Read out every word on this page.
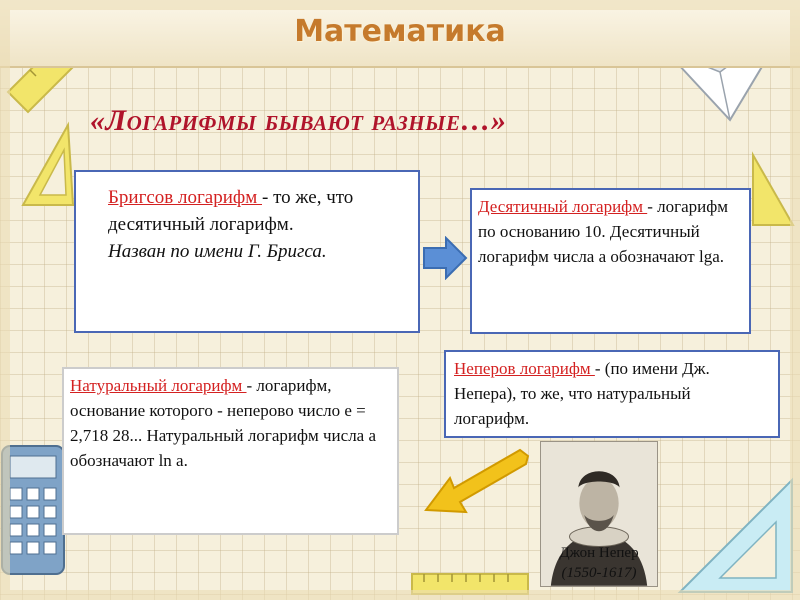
Математика
«Логарифмы бывают разные…»
Бригсов логарифм - то же, что десятичный логарифм.
Назван по имени Г. Бригса.
Десятичный логарифм - логарифм по основанию 10. Десятичный логарифм числа а обозначают lgа.
Неперов логарифм - (по имени Дж. Непера), то же, что натуральный логарифм.
Натуральный логарифм - логарифм, основание которого - неперово число е = 2,718 28... Натуральный логарифм числа а обозначают ln а.
Джон Непер
(1550-1617)
